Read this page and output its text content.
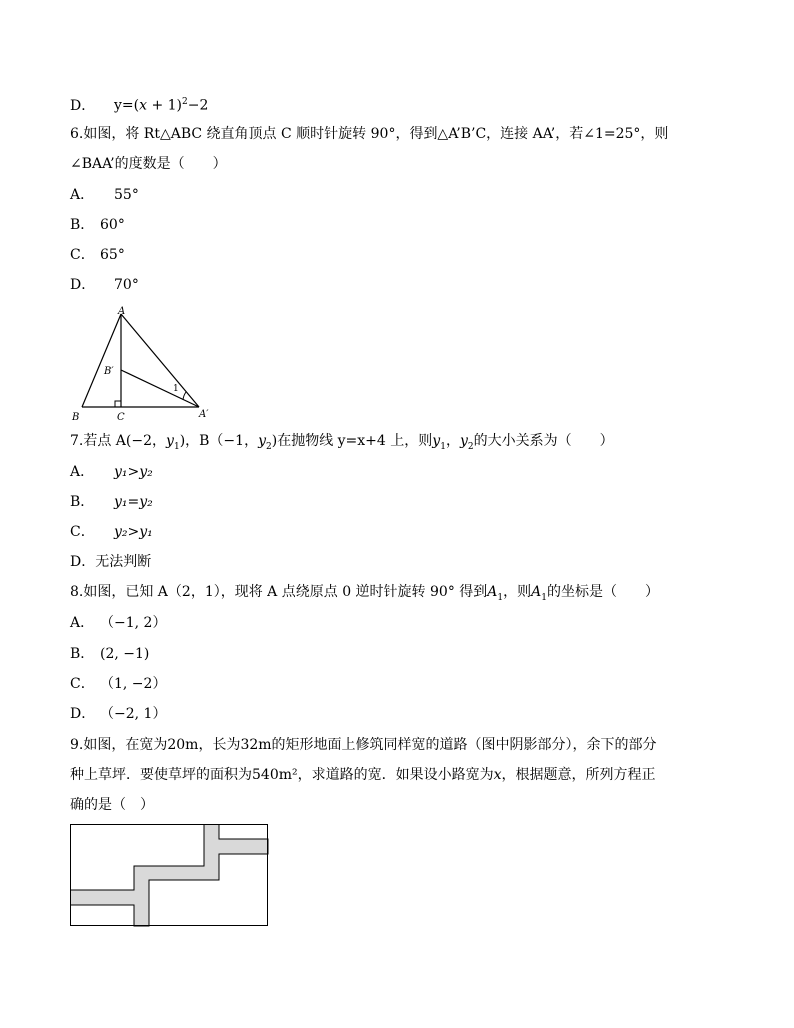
D． $y=(x + 1)^2-2$
6.如图，将 Rt△ABC 绕直角顶点 C 顺时针旋转 90°，得到△A’B’C，连接 AA’，若∠1=25°，则
∠BAA’的度数是（　　）
A． 55°
B． 60°
C． 65°
D． 70°
A
B′
B	C	A′
1
7.若点 A(−2，$y_1$)，B（−1，$y_2$)在抛物线 y=x+4 上，则$y_1$，$y_2$的大小关系为（　　）
A． y₁>y₂
B． y₁=y₂
C． y₂>y₁
D．无法判断
8.如图，已知 A（2，1），现将 A 点绕原点 0 逆时针旋转 90° 得到$A_1$，则$A_1$的坐标是（　　）
A． （−1, 2）
B． (2, −1)
C． （1, −2）
D． （−2, 1）
9.如图，在宽为20m，长为32m的矩形地面上修筑同样宽的道路（图中阴影部分），余下的部分
种上草坪．要使草坪的面积为540m²，求道路的宽．如果设小路宽为x，根据题意，所列方程正
确的是（　）
